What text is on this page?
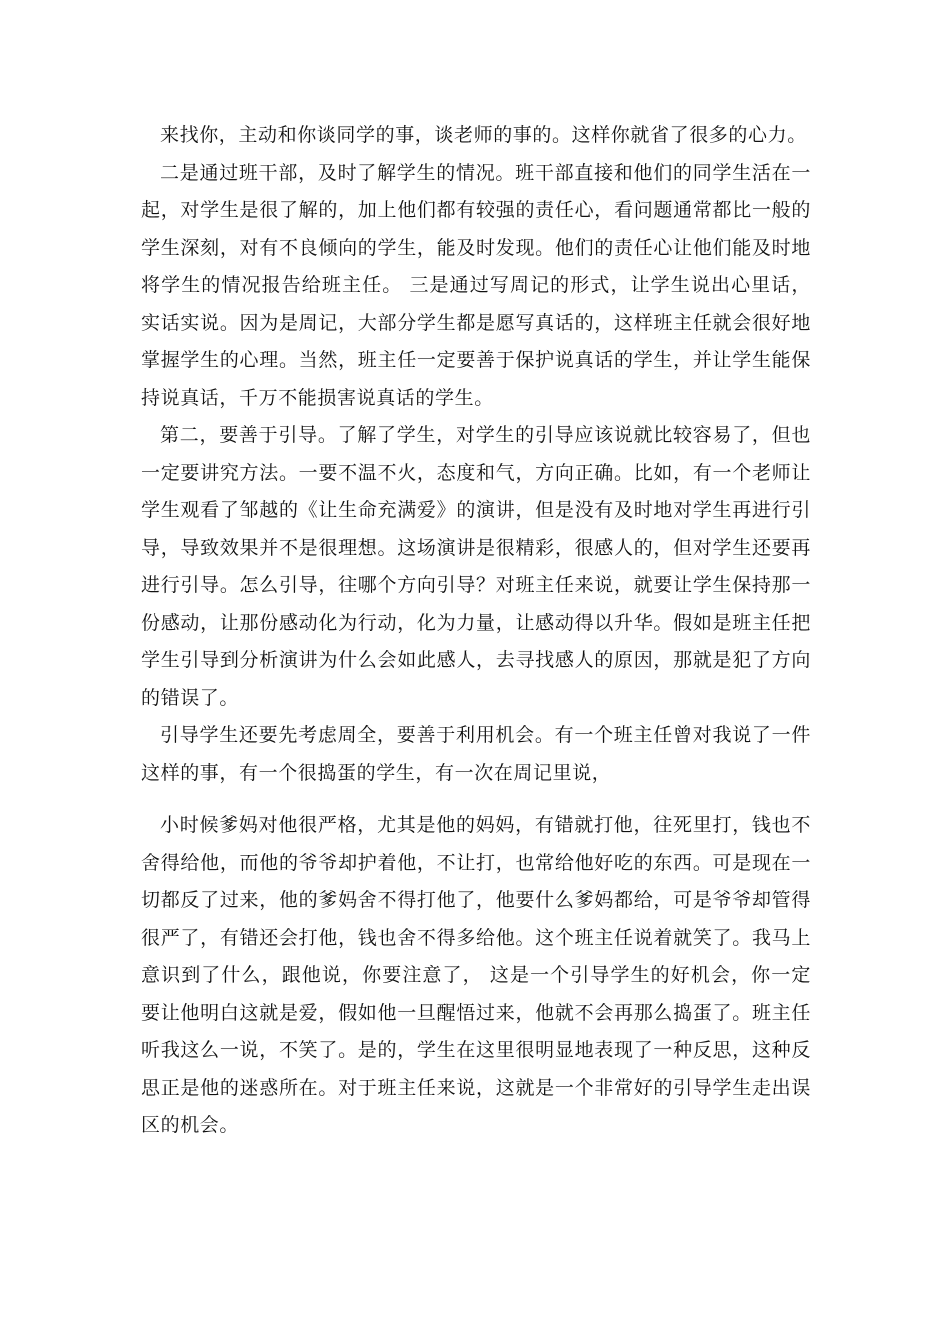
来找你，主动和你谈同学的事，谈老师的事的。这样你就省了很多的心力。

二是通过班干部，及时了解学生的情况。班干部直接和他们的同学生活在一起，对学生是很了解的，加上他们都有较强的责任心，看问题通常都比一般的学生深刻，对有不良倾向的学生，能及时发现。他们的责任心让他们能及时地将学生的情况报告给班主任。 三是通过写周记的形式，让学生说出心里话，实话实说。因为是周记，大部分学生都是愿写真话的，这样班主任就会很好地掌握学生的心理。当然，班主任一定要善于保护说真话的学生，并让学生能保持说真话，千万不能损害说真话的学生。

第二，要善于引导。了解了学生，对学生的引导应该说就比较容易了，但也一定要讲究方法。一要不温不火，态度和气，方向正确。比如，有一个老师让学生观看了邹越的《让生命充满爱》的演讲，但是没有及时地对学生再进行引导，导致效果并不是很理想。这场演讲是很精彩，很感人的，但对学生还要再进行引导。怎么引导，往哪个方向引导？对班主任来说，就要让学生保持那一份感动，让那份感动化为行动，化为力量，让感动得以升华。假如是班主任把学生引导到分析演讲为什么会如此感人，去寻找感人的原因，那就是犯了方向的错误了。

引导学生还要先考虑周全，要善于利用机会。有一个班主任曾对我说了一件这样的事，有一个很捣蛋的学生，有一次在周记里说，

小时候爹妈对他很严格，尤其是他的妈妈，有错就打他，往死里打，钱也不舍得给他，而他的爷爷却护着他，不让打，也常给他好吃的东西。可是现在一切都反了过来，他的爹妈舍不得打他了，他要什么爹妈都给，可是爷爷却管得很严了，有错还会打他，钱也舍不得多给他。这个班主任说着就笑了。我马上意识到了什么，跟他说，你要注意了， 这是一个引导学生的好机会，你一定要让他明白这就是爱，假如他一旦醒悟过来，他就不会再那么捣蛋了。班主任听我这么一说，不笑了。是的，学生在这里很明显地表现了一种反思，这种反思正是他的迷惑所在。对于班主任来说，这就是一个非常好的引导学生走出误区的机会。
